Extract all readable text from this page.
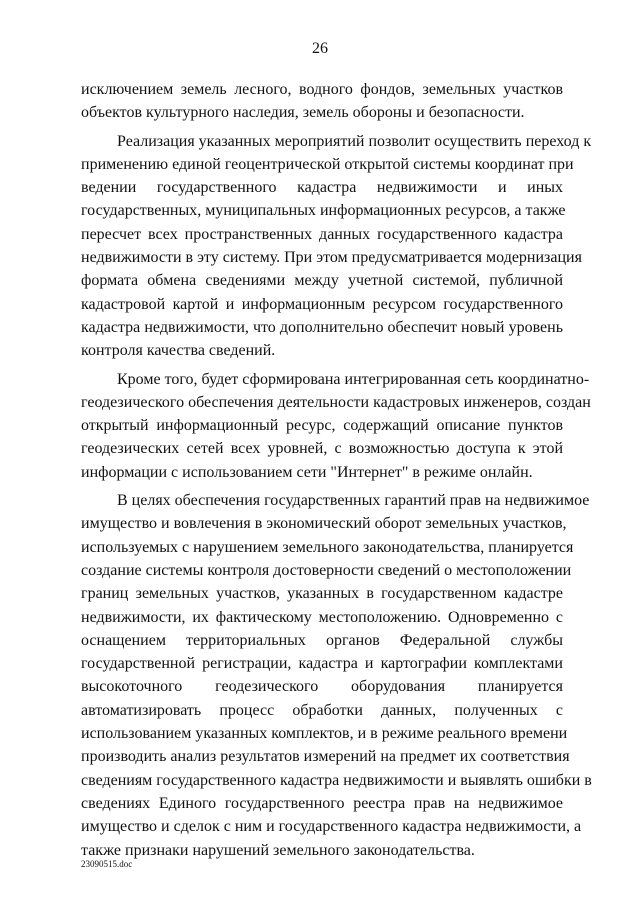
26
исключением земель лесного, водного фондов, земельных участков
объектов культурного наследия, земель обороны и безопасности.
Реализация указанных мероприятий позволит осуществить переход к
применению единой геоцентрической открытой системы координат при
ведении государственного кадастра недвижимости и иных
государственных, муниципальных информационных ресурсов, а также
пересчет всех пространственных данных государственного кадастра
недвижимости в эту систему. При этом предусматривается модернизация
формата обмена сведениями между учетной системой, публичной
кадастровой картой и информационным ресурсом государственного
кадастра недвижимости, что дополнительно обеспечит новый уровень
контроля качества сведений.
Кроме того, будет сформирована интегрированная сеть координатно-
геодезического обеспечения деятельности кадастровых инженеров, создан
открытый информационный ресурс, содержащий описание пунктов
геодезических сетей всех уровней, с возможностью доступа к этой
информации с использованием сети "Интернет" в режиме онлайн.
В целях обеспечения государственных гарантий прав на недвижимое
имущество и вовлечения в экономический оборот земельных участков,
используемых с нарушением земельного законодательства, планируется
создание системы контроля достоверности сведений о местоположении
границ земельных участков, указанных в государственном кадастре
недвижимости, их фактическому местоположению. Одновременно с
оснащением территориальных органов Федеральной службы
государственной регистрации, кадастра и картографии комплектами
высокоточного геодезического оборудования планируется
автоматизировать процесс обработки данных, полученных с
использованием указанных комплектов, и в режиме реального времени
производить анализ результатов измерений на предмет их соответствия
сведениям государственного кадастра недвижимости и выявлять ошибки в
сведениях Единого государственного реестра прав на недвижимое
имущество и сделок с ним и государственного кадастра недвижимости, а
также признаки нарушений земельного законодательства.
23090515.doc
